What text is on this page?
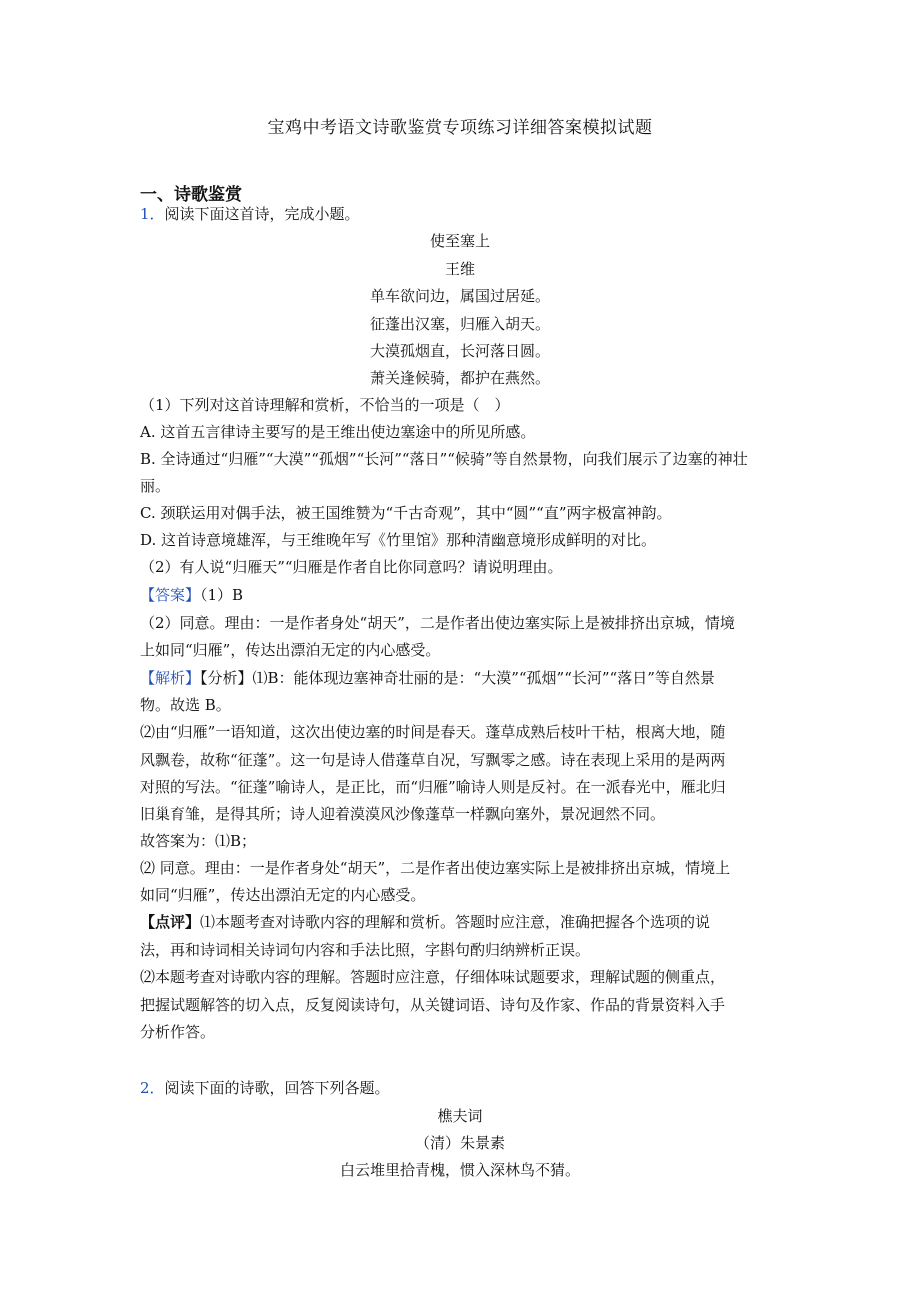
宝鸡中考语文诗歌鉴赏专项练习详细答案模拟试题
一、诗歌鉴赏
1．阅读下面这首诗，完成小题。
使至塞上
王维
单车欲问边，属国过居延。
征蓬出汉塞，归雁入胡天。
大漠孤烟直，长河落日圆。
萧关逢候骑，都护在燕然。
（1）下列对这首诗理解和赏析，不恰当的一项是（　）
A. 这首五言律诗主要写的是王维出使边塞途中的所见所感。
B. 全诗通过“归雁”“大漠”“孤烟”“长河”“落日”“候骑”等自然景物，向我们展示了边塞的神壮
丽。
C. 颈联运用对偶手法，被王国维赞为“千古奇观”，其中“圆”“直”两字极富神韵。
D. 这首诗意境雄浑，与王维晚年写《竹里馆》那种清幽意境形成鲜明的对比。
（2）有人说“归雁天”“归雁是作者自比你同意吗？请说明理由。
【答案】（1）B
（2）同意。理由：一是作者身处“胡天”，二是作者出使边塞实际上是被排挤出京城，情境
上如同“归雁”，传达出漂泊无定的内心感受。
【解析】【分析】⑴B：能体现边塞神奇壮丽的是：“大漠”“孤烟”“长河”“落日”等自然景
物。故选 B。
⑵由“归雁”一语知道，这次出使边塞的时间是春天。蓬草成熟后枝叶干枯，根离大地，随
风飘卷，故称“征蓬”。这一句是诗人借蓬草自况，写飘零之感。诗在表现上采用的是两两
对照的写法。“征蓬”喻诗人，是正比，而“归雁”喻诗人则是反衬。在一派春光中，雁北归
旧巢育雏，是得其所；诗人迎着漠漠风沙像蓬草一样飘向塞外，景况迥然不同。
故答案为：⑴B；
⑵ 同意。理由：一是作者身处“胡天”，二是作者出使边塞实际上是被排挤出京城，情境上
如同“归雁”，传达出漂泊无定的内心感受。
【点评】⑴本题考查对诗歌内容的理解和赏析。答题时应注意，准确把握各个选项的说
法，再和诗词相关诗词句内容和手法比照，字斟句酌归纳辨析正误。
⑵本题考查对诗歌内容的理解。答题时应注意，仔细体味试题要求，理解试题的侧重点，
把握试题解答的切入点，反复阅读诗句，从关键词语、诗句及作家、作品的背景资料入手
分析作答。
2．阅读下面的诗歌，回答下列各题。
樵夫词
（清）朱景素
白云堆里拾青槐，惯入深林鸟不猜。
